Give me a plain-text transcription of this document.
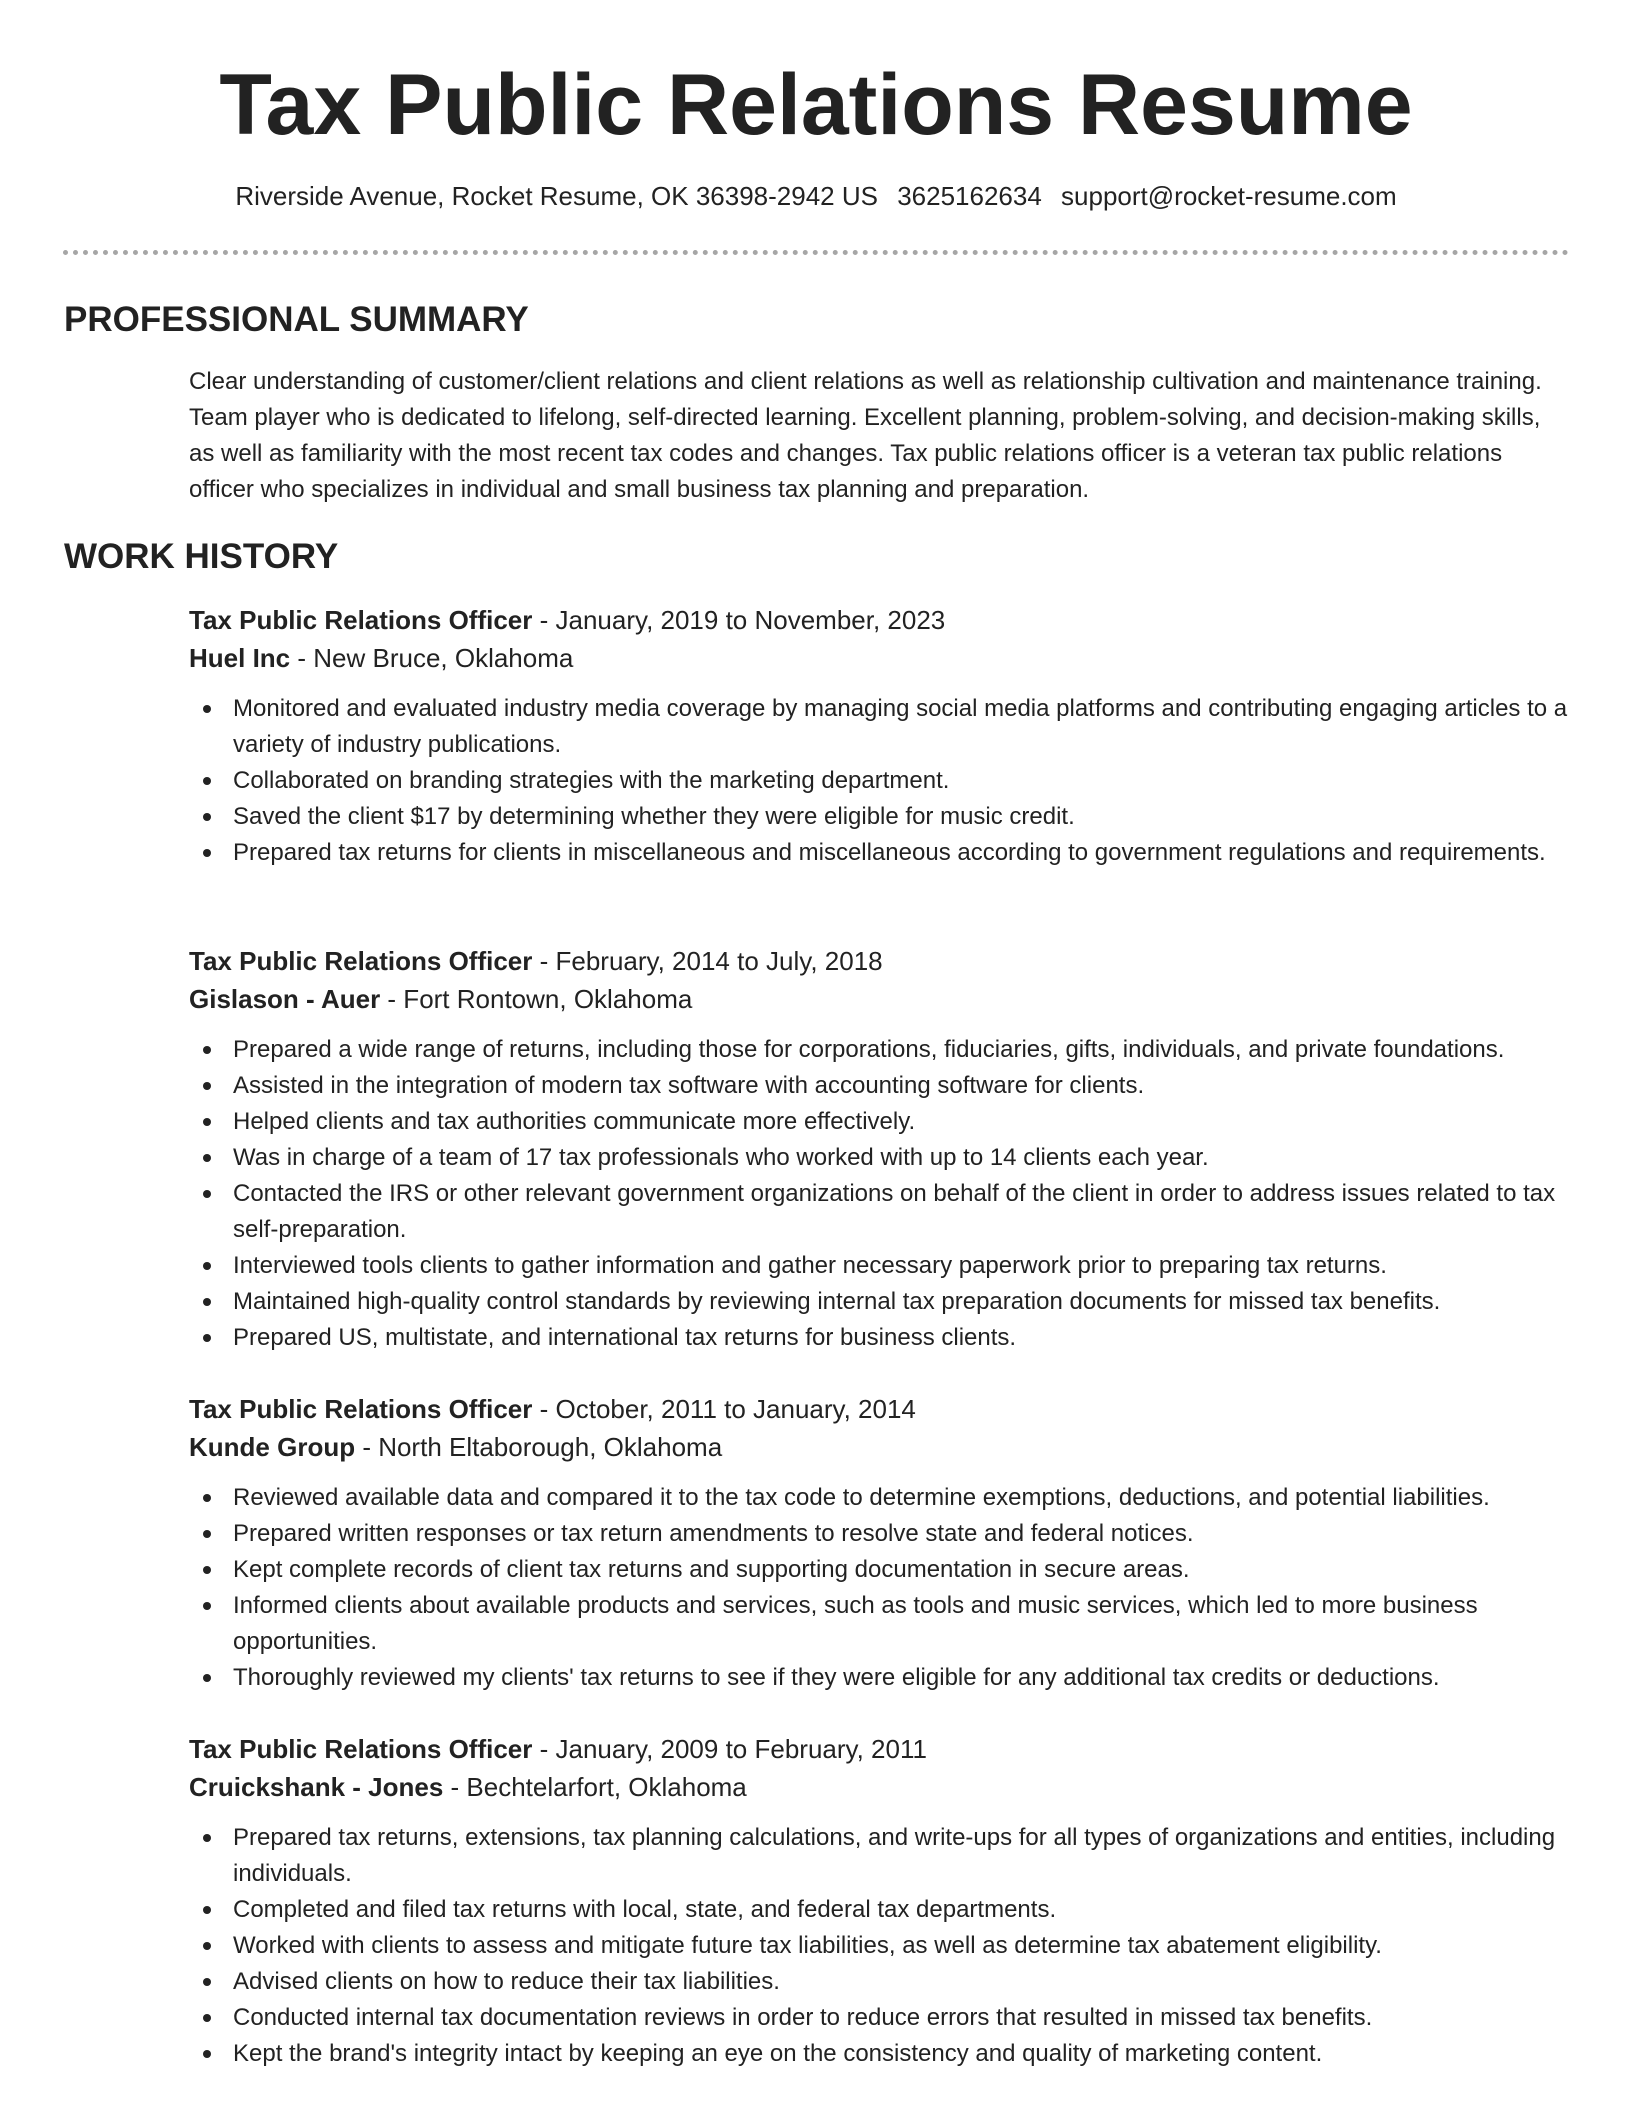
Tax Public Relations Resume
Riverside Avenue, Rocket Resume, OK 36398-2942 US 3625162634 support@rocket-resume.com
PROFESSIONAL SUMMARY
Clear understanding of customer/client relations and client relations as well as relationship cultivation and maintenance training. Team player who is dedicated to lifelong, self-directed learning. Excellent planning, problem-solving, and decision-making skills, as well as familiarity with the most recent tax codes and changes. Tax public relations officer is a veteran tax public relations officer who specializes in individual and small business tax planning and preparation.
WORK HISTORY
Tax Public Relations Officer - January, 2019 to November, 2023
Huel Inc - New Bruce, Oklahoma
Monitored and evaluated industry media coverage by managing social media platforms and contributing engaging articles to a variety of industry publications.
Collaborated on branding strategies with the marketing department.
Saved the client $17 by determining whether they were eligible for music credit.
Prepared tax returns for clients in miscellaneous and miscellaneous according to government regulations and requirements.
Tax Public Relations Officer - February, 2014 to July, 2018
Gislason - Auer - Fort Rontown, Oklahoma
Prepared a wide range of returns, including those for corporations, fiduciaries, gifts, individuals, and private foundations.
Assisted in the integration of modern tax software with accounting software for clients.
Helped clients and tax authorities communicate more effectively.
Was in charge of a team of 17 tax professionals who worked with up to 14 clients each year.
Contacted the IRS or other relevant government organizations on behalf of the client in order to address issues related to tax self-preparation.
Interviewed tools clients to gather information and gather necessary paperwork prior to preparing tax returns.
Maintained high-quality control standards by reviewing internal tax preparation documents for missed tax benefits.
Prepared US, multistate, and international tax returns for business clients.
Tax Public Relations Officer - October, 2011 to January, 2014
Kunde Group - North Eltaborough, Oklahoma
Reviewed available data and compared it to the tax code to determine exemptions, deductions, and potential liabilities.
Prepared written responses or tax return amendments to resolve state and federal notices.
Kept complete records of client tax returns and supporting documentation in secure areas.
Informed clients about available products and services, such as tools and music services, which led to more business opportunities.
Thoroughly reviewed my clients' tax returns to see if they were eligible for any additional tax credits or deductions.
Tax Public Relations Officer - January, 2009 to February, 2011
Cruickshank - Jones - Bechtelarfort, Oklahoma
Prepared tax returns, extensions, tax planning calculations, and write-ups for all types of organizations and entities, including individuals.
Completed and filed tax returns with local, state, and federal tax departments.
Worked with clients to assess and mitigate future tax liabilities, as well as determine tax abatement eligibility.
Advised clients on how to reduce their tax liabilities.
Conducted internal tax documentation reviews in order to reduce errors that resulted in missed tax benefits.
Kept the brand's integrity intact by keeping an eye on the consistency and quality of marketing content.
